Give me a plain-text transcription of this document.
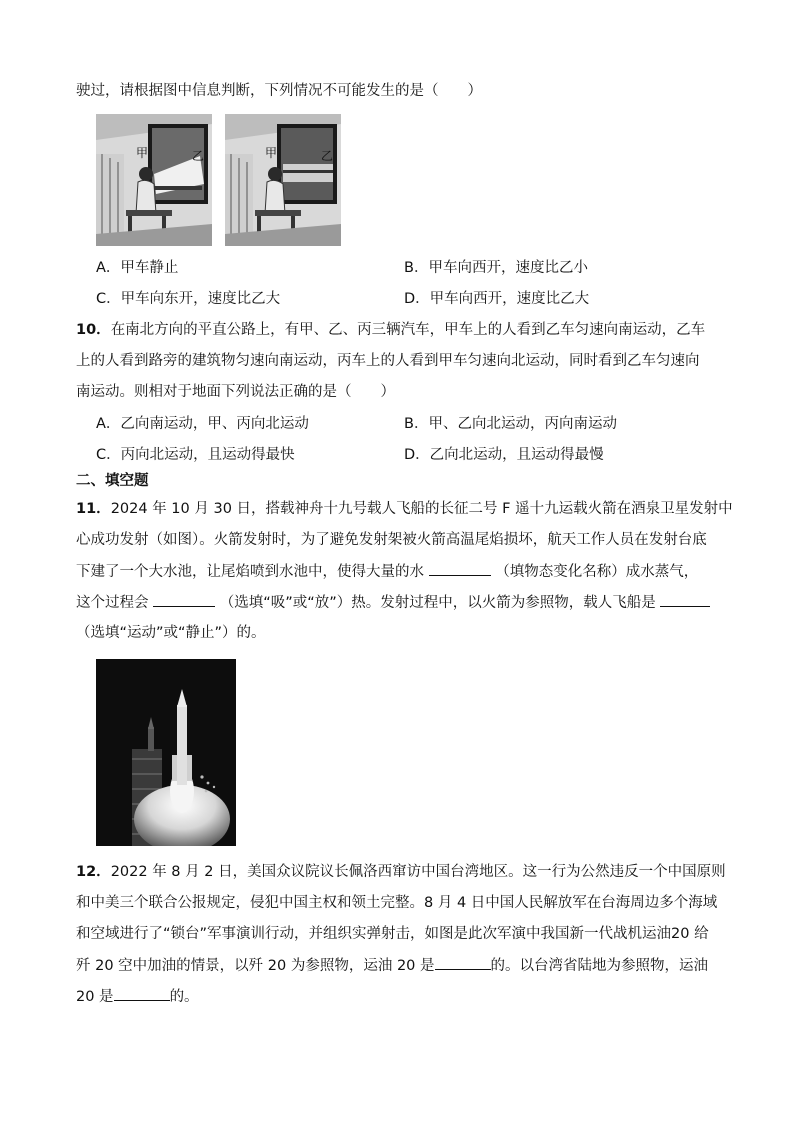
驶过，请根据图中信息判断，下列情况不可能发生的是（　　）
甲	乙	甲	乙
A．甲车静止	B．甲车向西开，速度比乙小
C．甲车向东开，速度比乙大	D．甲车向西开，速度比乙大
10．在南北方向的平直公路上，有甲、乙、丙三辆汽车，甲车上的人看到乙车匀速向南运动，乙车
上的人看到路旁的建筑物匀速向南运动，丙车上的人看到甲车匀速向北运动，同时看到乙车匀速向
南运动。则相对于地面下列说法正确的是（　　）
A．乙向南运动，甲、丙向北运动	B．甲、乙向北运动，丙向南运动
C．丙向北运动，且运动得最快	D．乙向北运动，且运动得最慢
二、填空题
11．2024 年 10 月 30 日，搭载神舟十九号载人飞船的长征二号 F 遥十九运载火箭在酒泉卫星发射中
心成功发射（如图）。火箭发射时，为了避免发射架被火箭高温尾焰损坏，航天工作人员在发射台底
下建了一个大水池，让尾焰喷到水池中，使得大量的水	（填物态变化名称）成水蒸气，
这个过程会	（选填“吸”或“放”）热。发射过程中，以火箭为参照物，载人飞船是
（选填“运动”或“静止”）的。
12．2022 年 8 月 2 日，美国众议院议长佩洛西窜访中国台湾地区。这一行为公然违反一个中国原则
和中美三个联合公报规定，侵犯中国主权和领土完整。8 月 4 日中国人民解放军在台海周边多个海域
和空域进行了“锁台”军事演训行动，并组织实弹射击，如图是此次军演中我国新一代战机运油20 给
歼 20 空中加油的情景，以歼 20 为参照物，运油 20 是	的。以台湾省陆地为参照物，运油
20 是	的。
